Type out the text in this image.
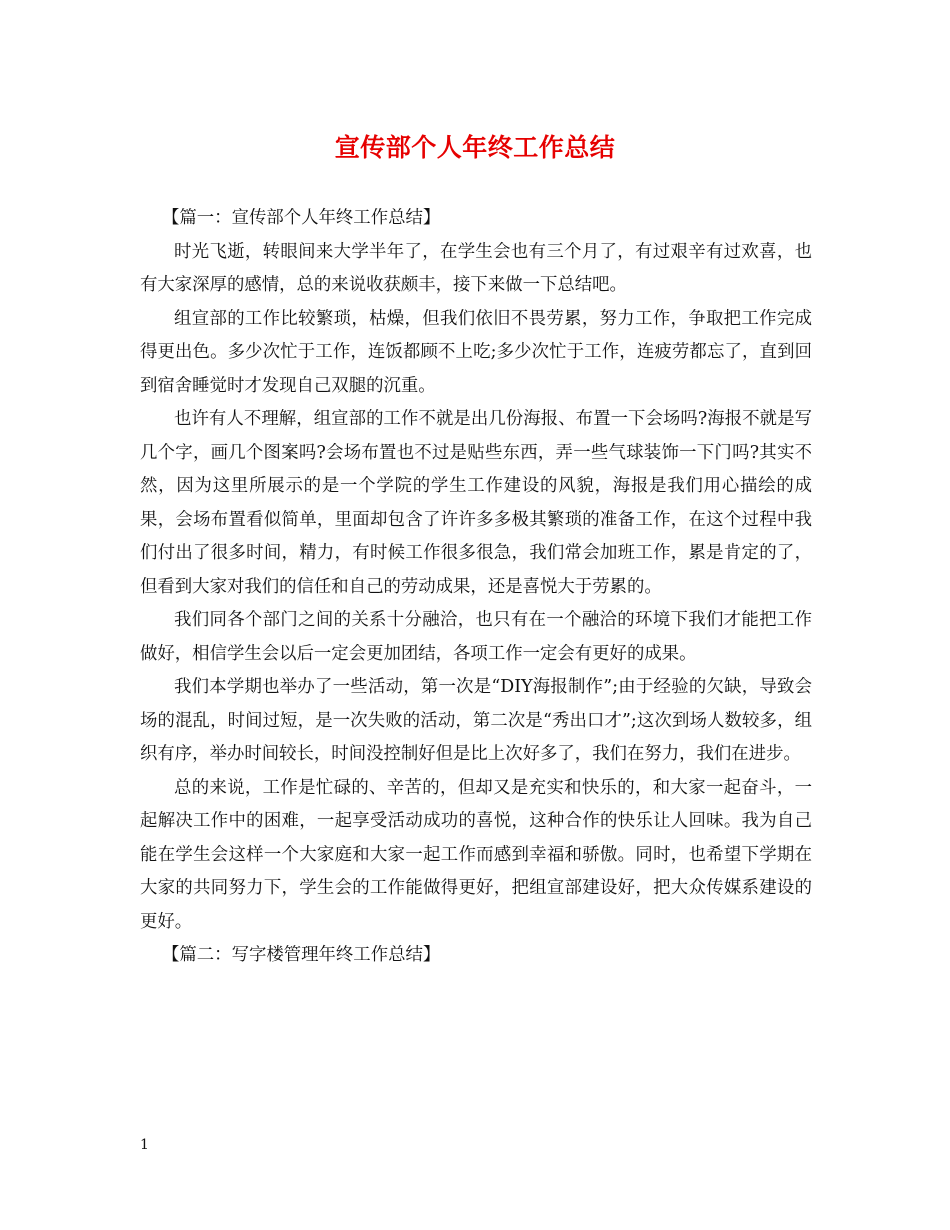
宣传部个人年终工作总结

【篇一：宣传部个人年终工作总结】

时光飞逝，转眼间来大学半年了，在学生会也有三个月了，有过艰辛有过欢喜，也有大家深厚的感情，总的来说收获颇丰，接下来做一下总结吧。

组宣部的工作比较繁琐，枯燥，但我们依旧不畏劳累，努力工作，争取把工作完成得更出色。多少次忙于工作，连饭都顾不上吃;多少次忙于工作，连疲劳都忘了，直到回到宿舍睡觉时才发现自己双腿的沉重。

也许有人不理解，组宣部的工作不就是出几份海报、布置一下会场吗?海报不就是写几个字，画几个图案吗?会场布置也不过是贴些东西，弄一些气球装饰一下门吗?其实不然，因为这里所展示的是一个学院的学生工作建设的风貌，海报是我们用心描绘的成果，会场布置看似简单，里面却包含了许许多多极其繁琐的准备工作，在这个过程中我们付出了很多时间，精力，有时候工作很多很急，我们常会加班工作，累是肯定的了，但看到大家对我们的信任和自己的劳动成果，还是喜悦大于劳累的。

我们同各个部门之间的关系十分融洽，也只有在一个融洽的环境下我们才能把工作做好，相信学生会以后一定会更加团结，各项工作一定会有更好的成果。

我们本学期也举办了一些活动，第一次是“DIY海报制作”;由于经验的欠缺，导致会场的混乱，时间过短，是一次失败的活动，第二次是“秀出口才”;这次到场人数较多，组织有序，举办时间较长，时间没控制好但是比上次好多了，我们在努力，我们在进步。

总的来说，工作是忙碌的、辛苦的，但却又是充实和快乐的，和大家一起奋斗，一起解决工作中的困难，一起享受活动成功的喜悦，这种合作的快乐让人回味。我为自己能在学生会这样一个大家庭和大家一起工作而感到幸福和骄傲。同时，也希望下学期在大家的共同努力下，学生会的工作能做得更好，把组宣部建设好，把大众传媒系建设的更好。

【篇二：写字楼管理年终工作总结】

1
